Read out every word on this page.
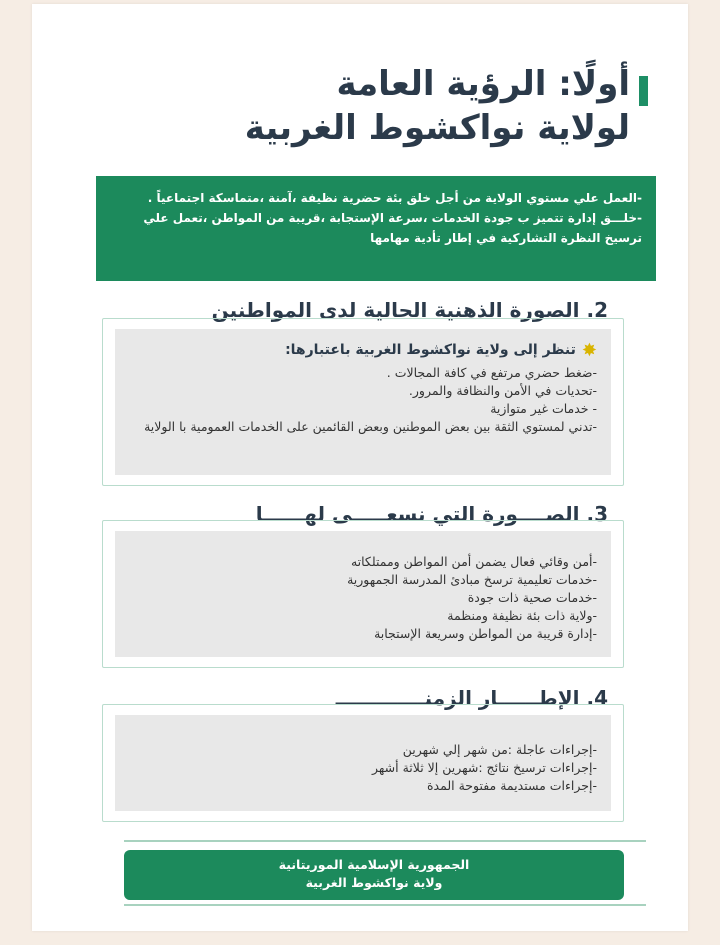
أولًا: الرؤية العامة

لولاية نواكشوط الغربية

-العمل علي مستوي الولاية من أجل خلق بئة حضرية نظيفة ،آمنة ،متماسكة اجتماعياً .

-خلـــق إدارة تتميز ب جودة الخدمات ،سرعة الإستجابة ،قريبة من المواطن ،تعمل علي ترسيخ النظرة التشاركية في إطار تأدية مهامها

2. الصورة الذهنية الحالية لدى المواطنين
✸تنظر إلى ولاية نواكشوط الغربية باعتبارها:

-ضغط حضري مرتفع في كافة المجالات .

-تحديات في الأمن والنظافة والمرور.

- خدمات غير متوازية

-تدني لمستوي الثقة بين بعض الموطنين وبعض القائمين على الخدمات العمومية با الولاية

3. الصــــورة التي نسعـــــى لهــــــا

-أمن وقائي فعال يضمن أمن المواطن وممتلكاته

-خدمات تعليمية ترسخ مبادئ المدرسة الجمهورية

-خدمات صحية ذات جودة

-ولاية ذات بئة نظيفة ومنظمة

-إدارة قريبة من المواطن وسريعة الإستجابة

4. الإطــــــار الزمنـــــــــــــ

-إجراءات عاجلة :من شهر إلي شهرين

-إجراءات ترسيخ نتائج :شهرين إلا ثلاثة أشهر

-إجراءات مستديمة مفتوحة المدة

الجمهورية الإسلامية الموريتانية
ولاية نواكشوط الغربية
